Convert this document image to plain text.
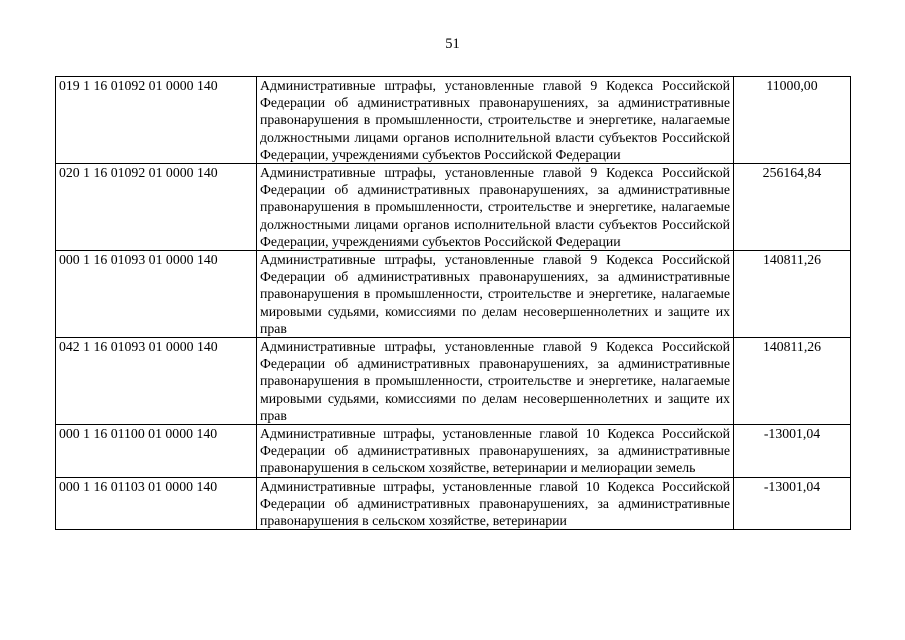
51
019 1 16 01092 01 0000 140	Административные штрафы, установленные главой 9 Кодекса Российской Федерации об административных правонарушениях, за административные правонарушения в промышленности, строительстве и энергетике, налагаемые должностными лицами органов исполнительной власти субъектов Российской Федерации, учреждениями субъектов Российской Федерации	11000,00
020 1 16 01092 01 0000 140	Административные штрафы, установленные главой 9 Кодекса Российской Федерации об административных правонарушениях, за административные правонарушения в промышленности, строительстве и энергетике, налагаемые должностными лицами органов исполнительной власти субъектов Российской Федерации, учреждениями субъектов Российской Федерации	256164,84
000 1 16 01093 01 0000 140	Административные штрафы, установленные главой 9 Кодекса Российской Федерации об административных правонарушениях, за административные правонарушения в промышленности, строительстве и энергетике, налагаемые мировыми судьями, комиссиями по делам несовершеннолетних и защите их прав	140811,26
042 1 16 01093 01 0000 140	Административные штрафы, установленные главой 9 Кодекса Российской Федерации об административных правонарушениях, за административные правонарушения в промышленности, строительстве и энергетике, налагаемые мировыми судьями, комиссиями по делам несовершеннолетних и защите их прав	140811,26
000 1 16 01100 01 0000 140	Административные штрафы, установленные главой 10 Кодекса Российской Федерации об административных правонарушениях, за административные правонарушения в сельском хозяйстве, ветеринарии и мелиорации земель	-13001,04
000 1 16 01103 01 0000 140	Административные штрафы, установленные главой 10 Кодекса Российской Федерации об административных правонарушениях, за административные правонарушения в сельском хозяйстве, ветеринарии	-13001,04
